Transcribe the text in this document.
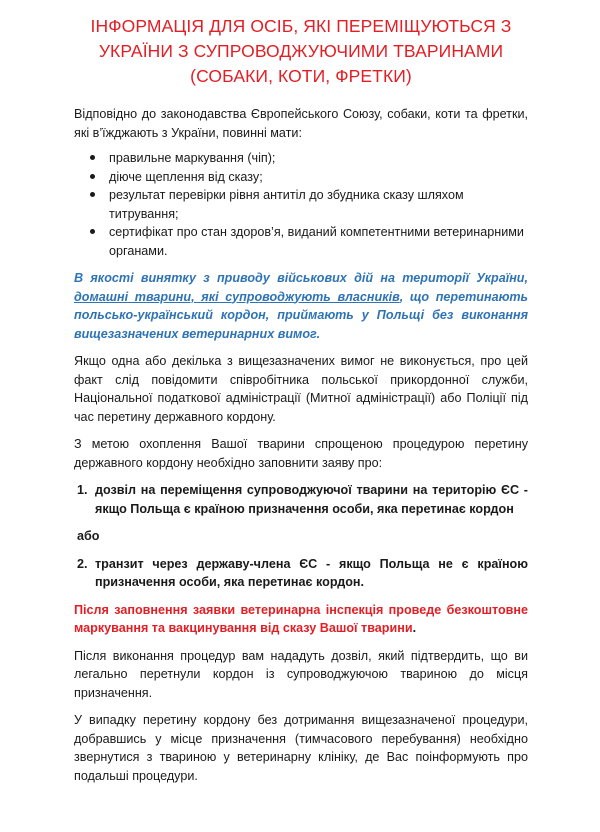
ІНФОРМАЦІЯ ДЛЯ ОСІБ, ЯКІ ПЕРЕМІЩУЮТЬСЯ З
УКРАЇНИ З СУПРОВОДЖУЮЧИМИ ТВАРИНАМИ
(СОБАКИ, КОТИ, ФРЕТКИ)

Відповідно до законодавства Європейського Союзу, собаки, коти та фретки, які в’їжджають з України, повинні мати:

правильне маркування (чіп);
діюче щеплення від сказу;
результат перевірки рівня антитіл до збудника сказу шляхом титрування;
сертифікат про стан здоров’я, виданий компетентними ветеринарними органами.

В якості винятку з приводу військових дій на території України, домашні тварини, які супроводжують власників, що перетинають польсько-український кордон, приймають у Польщі без виконання вищезазначених ветеринарних вимог.

Якщо одна або декілька з вищезазначених вимог не виконується, про цей факт слід повідомити співробітника польської прикордонної служби, Національної податкової адміністрації (Митної адміністрації) або Поліції під час перетину державного кордону.

З метою охоплення Вашої тварини спрощеною процедурою перетину державного кордону необхідно заповнити заяву про:

1. дозвіл на переміщення супроводжуючої тварини на територію ЄС - якщо Польща є країною призначення особи, яка перетинає кордон
або
2. транзит через державу-члена ЄС - якщо Польща не є країною призначення особи, яка перетинає кордон.

Після заповнення заявки ветеринарна інспекція проведе безкоштовне маркування та вакцинування від сказу Вашої тварини.

Після виконання процедур вам нададуть дозвіл, який підтвердить, що ви легально перетнули кордон із супроводжуючою твариною до місця призначення.

У випадку перетину кордону без дотримання вищезазначеної процедури, добравшись у місце призначення (тимчасового перебування) необхідно звернутися з твариною у ветеринарну клініку, де Вас поінформують про подальші процедури.
